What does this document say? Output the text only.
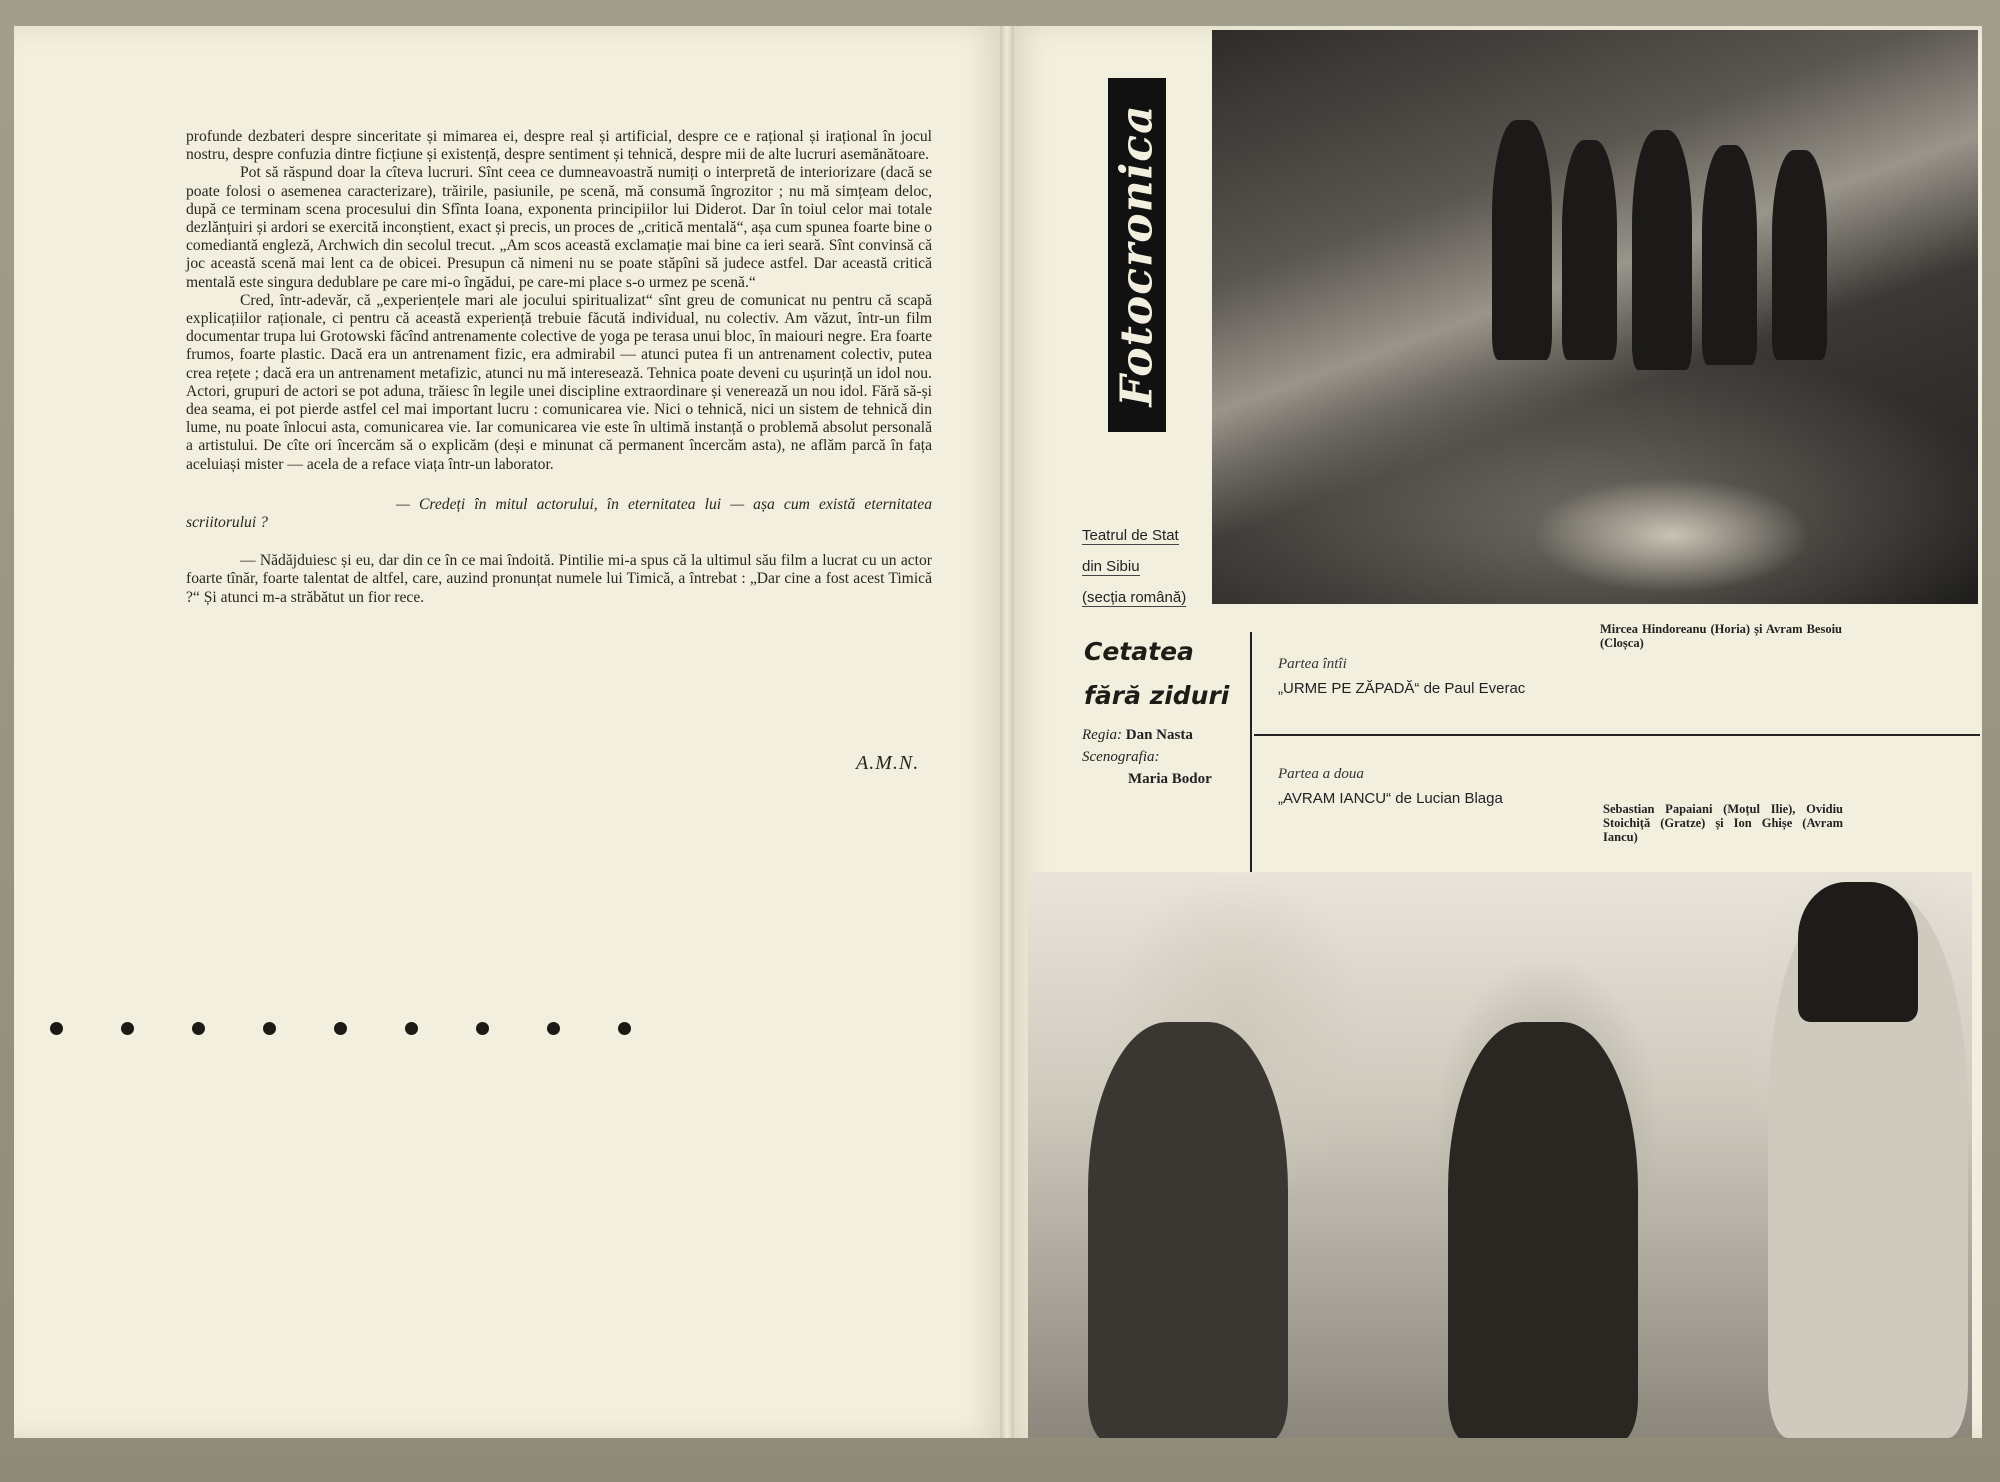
profunde dezbateri despre sinceritate și mimarea ei, despre real și artificial, despre ce e rațional și irațional în jocul nostru, despre confuzia dintre ficțiune și existență, despre sentiment și tehnică, despre mii de alte lucruri asemănătoare.

Pot să răspund doar la cîteva lucruri. Sînt ceea ce dumneavoastră numiți o interpretă de interiorizare (dacă se poate folosi o asemenea caracterizare), trăirile, pasiunile, pe scenă, mă consumă îngrozitor ; nu mă simțeam deloc, după ce terminam scena procesului din Sfînta Ioana, exponenta principiilor lui Diderot. Dar în toiul celor mai totale dezlănțuiri și ardori se exercită inconștient, exact și precis, un proces de „critică mentală“, așa cum spunea foarte bine o comediantă engleză, Archwich din secolul trecut. „Am scos această exclamație mai bine ca ieri seară. Sînt convinsă că joc această scenă mai lent ca de obicei. Presupun că nimeni nu se poate stăpîni să judece astfel. Dar această critică mentală este singura dedublare pe care mi-o îngădui, pe care-mi place s-o urmez pe scenă.“

Cred, într-adevăr, că „experiențele mari ale jocului spiritualizat“ sînt greu de comunicat nu pentru că scapă explicațiilor raționale, ci pentru că această experiență trebuie făcută individual, nu colectiv. Am văzut, într-un film documentar trupa lui Grotowski făcînd antrenamente colective de yoga pe terasa unui bloc, în maiouri negre. Era foarte frumos, foarte plastic. Dacă era un antrenament fizic, era admirabil — atunci putea fi un antrenament colectiv, putea crea rețete ; dacă era un antrenament metafizic, atunci nu mă interesează. Tehnica poate deveni cu ușurință un idol nou. Actori, grupuri de actori se pot aduna, trăiesc în legile unei discipline extraordinare și venerează un nou idol. Fără să-și dea seama, ei pot pierde astfel cel mai important lucru : comunicarea vie. Nici o tehnică, nici un sistem de tehnică din lume, nu poate înlocui asta, comunicarea vie. Iar comunicarea vie este în ultimă instanță o problemă absolut personală a artistului. De cîte ori încercăm să o explicăm (deși e minunat că permanent încercăm asta), ne aflăm parcă în fața aceluiași mister — acela de a reface viața într-un laborator.

— Credeți în mitul actorului, în eternitatea lui — așa cum există eternitatea scriitorului ?

— Nădăjduiesc și eu, dar din ce în ce mai îndoită. Pintilie mi-a spus că la ultimul său film a lucrat cu un actor foarte tînăr, foarte talentat de altfel, care, auzind pronunțat numele lui Timică, a întrebat : „Dar cine a fost acest Timică ?“ Și atunci m-a străbătut un fior rece.

A.M.N.
Fotocronica
Teatrul de Stat
din Sibiu
(secția română)
Cetatea
fără ziduri
Regia: Dan Nasta
Scenografia:
Maria Bodor
Partea întîi
„URME PE ZĂPADĂ“ de Paul Everac
Partea a doua
„AVRAM IANCU“ de Lucian Blaga
Mircea Hindoreanu (Horia) și Avram Besoiu (Cloșca)
Sebastian Papaiani (Moțul Ilie), Ovidiu Stoichiță (Gratze) și Ion Ghișe (Avram Iancu)
